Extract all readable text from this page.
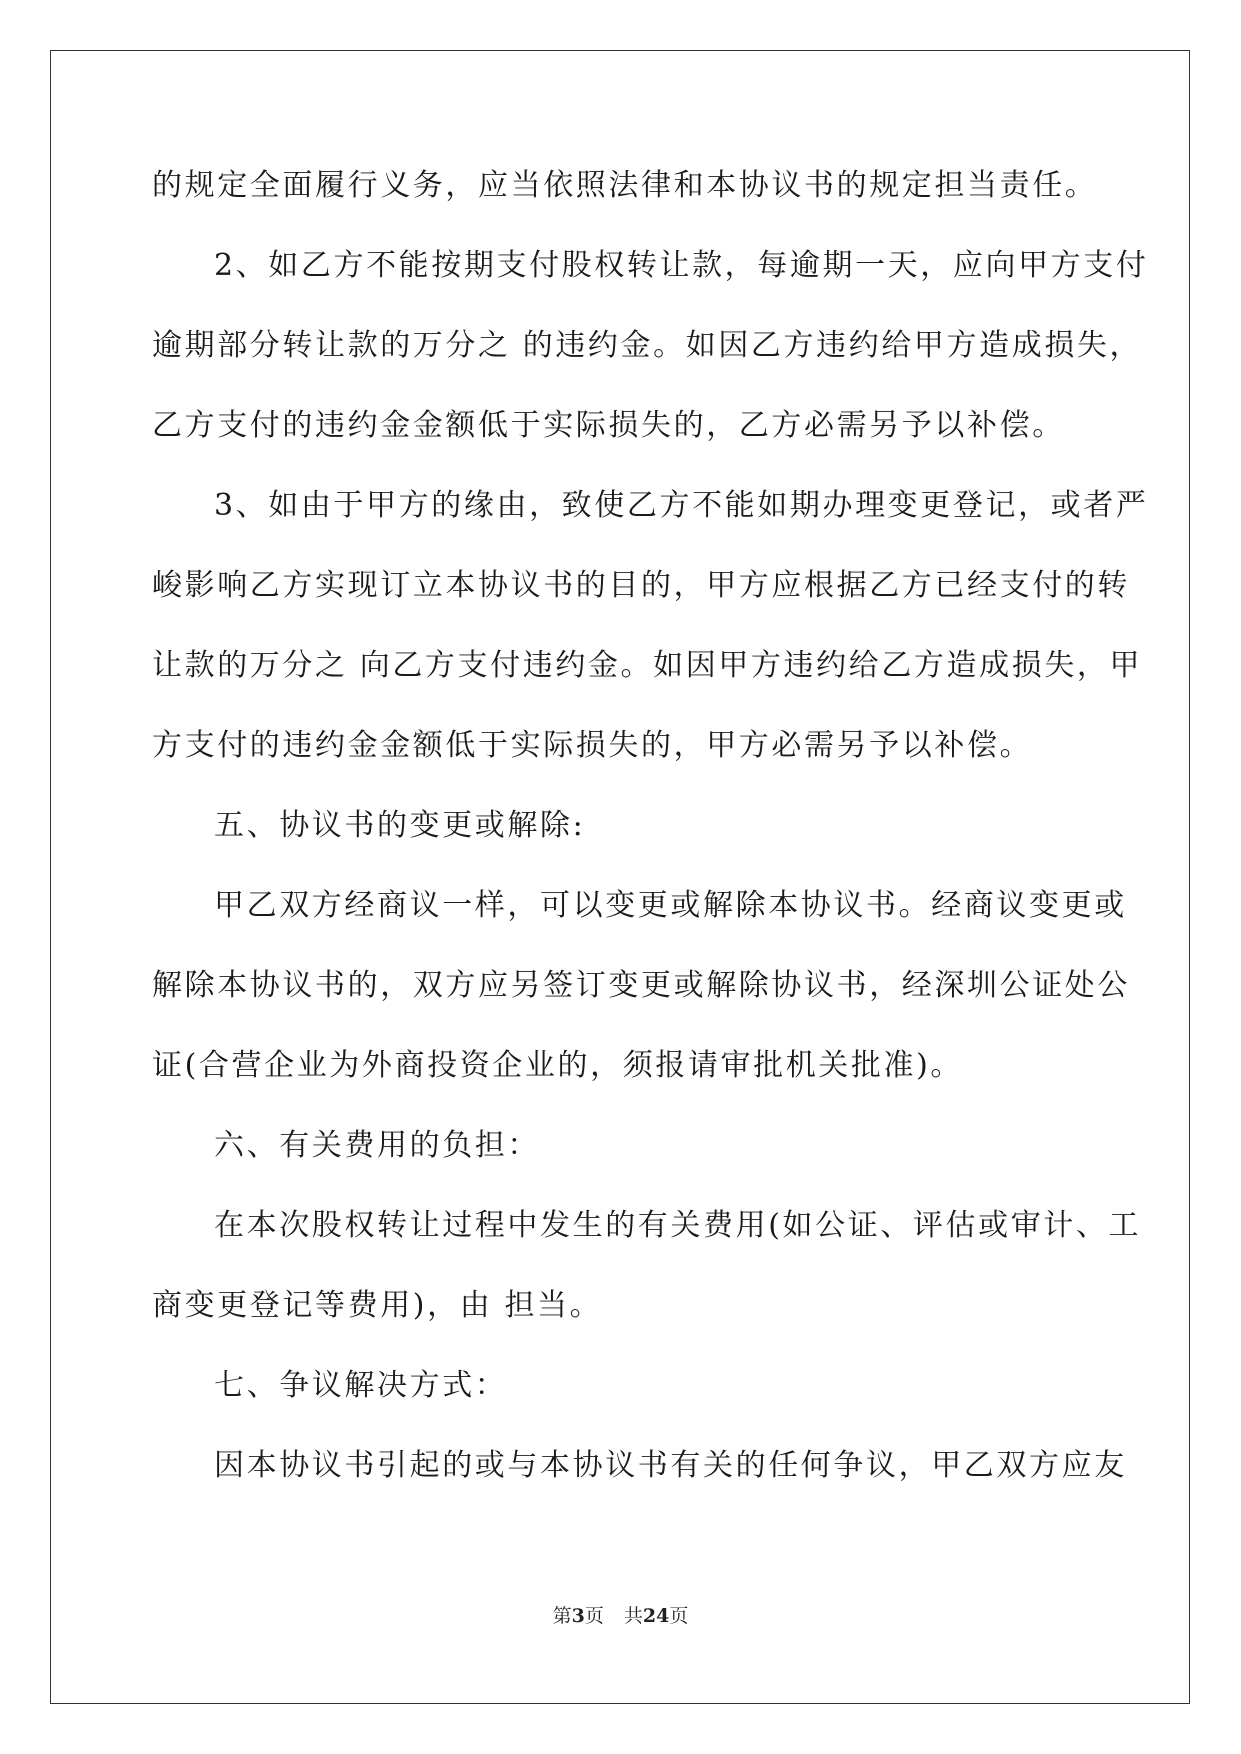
的规定全面履行义务，应当依照法律和本协议书的规定担当责任。
2、如乙方不能按期支付股权转让款，每逾期一天，应向甲方支付
逾期部分转让款的万分之 的违约金。如因乙方违约给甲方造成损失，
乙方支付的违约金金额低于实际损失的，乙方必需另予以补偿。
3、如由于甲方的缘由，致使乙方不能如期办理变更登记，或者严
峻影响乙方实现订立本协议书的目的，甲方应根据乙方已经支付的转
让款的万分之 向乙方支付违约金。如因甲方违约给乙方造成损失，甲
方支付的违约金金额低于实际损失的，甲方必需另予以补偿。
五、协议书的变更或解除:
甲乙双方经商议一样，可以变更或解除本协议书。经商议变更或
解除本协议书的，双方应另签订变更或解除协议书，经深圳公证处公
证(合营企业为外商投资企业的，须报请审批机关批准)。
六、有关费用的负担：
在本次股权转让过程中发生的有关费用(如公证、评估或审计、工
商变更登记等费用)，由 担当。
七、争议解决方式：
因本协议书引起的或与本协议书有关的任何争议，甲乙双方应友
第3页 共24页
